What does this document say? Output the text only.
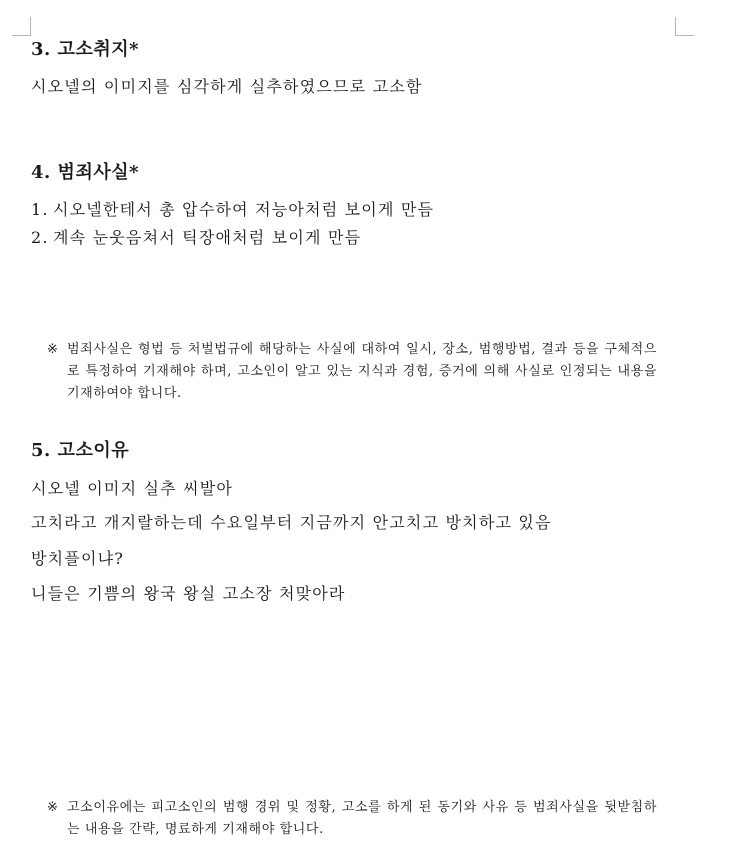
3. 고소취지*
시오넬의 이미지를 심각하게 실추하였으므로 고소함
4. 범죄사실*
1. 시오넬한테서 총 압수하여 저능아처럼 보이게 만듬
2. 계속 눈웃음쳐서 틱장애처럼 보이게 만듬
※ 범죄사실은 형법 등 처벌법규에 해당하는 사실에 대하여 일시, 장소, 범행방법, 결과 등을 구체적으로 특정하여 기재해야 하며, 고소인이 알고 있는 지식과 경험, 증거에 의해 사실로 인정되는 내용을 기재하여야 합니다.
5. 고소이유
시오넬 이미지 실추 씨발아
고치라고 개지랄하는데 수요일부터 지금까지 안고치고 방치하고 있음
방치플이냐?
니들은 기쁨의 왕국 왕실 고소장 처맞아라
※ 고소이유에는 피고소인의 범행 경위 및 정황, 고소를 하게 된 동기와 사유 등 범죄사실을 뒷받침하는 내용을 간략, 명료하게 기재해야 합니다.
